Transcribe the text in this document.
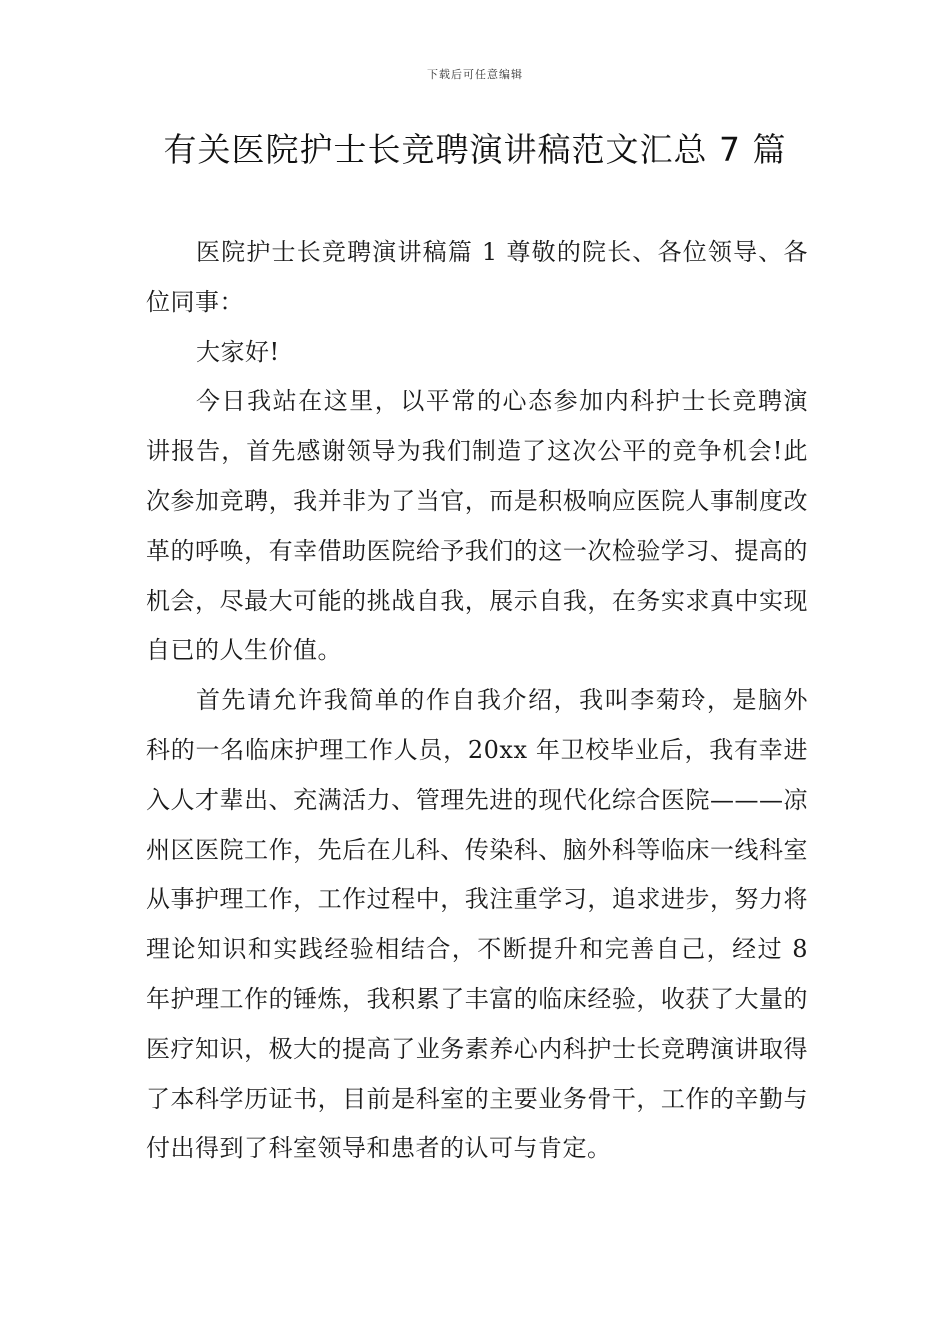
下载后可任意编辑
有关医院护士长竞聘演讲稿范文汇总 7 篇

医院护士长竞聘演讲稿篇 1 尊敬的院长、各位领导、各位同事：

大家好!

今日我站在这里，以平常的心态参加内科护士长竞聘演讲报告，首先感谢领导为我们制造了这次公平的竞争机会!此次参加竞聘，我并非为了当官，而是积极响应医院人事制度改革的呼唤，有幸借助医院给予我们的这一次检验学习、提高的机会，尽最大可能的挑战自我，展示自我，在务实求真中实现自已的人生价值。

首先请允许我简单的作自我介绍，我叫李菊玲，是脑外科的一名临床护理工作人员，20xx 年卫校毕业后，我有幸进入人才辈出、充满活力、管理先进的现代化综合医院———凉州区医院工作，先后在儿科、传染科、脑外科等临床一线科室从事护理工作，工作过程中，我注重学习，追求进步，努力将理论知识和实践经验相结合，不断提升和完善自己，经过 8 年护理工作的锤炼，我积累了丰富的临床经验，收获了大量的医疗知识，极大的提高了业务素养心内科护士长竞聘演讲取得了本科学历证书，目前是科室的主要业务骨干，工作的辛勤与付出得到了科室领导和患者的认可与肯定。
